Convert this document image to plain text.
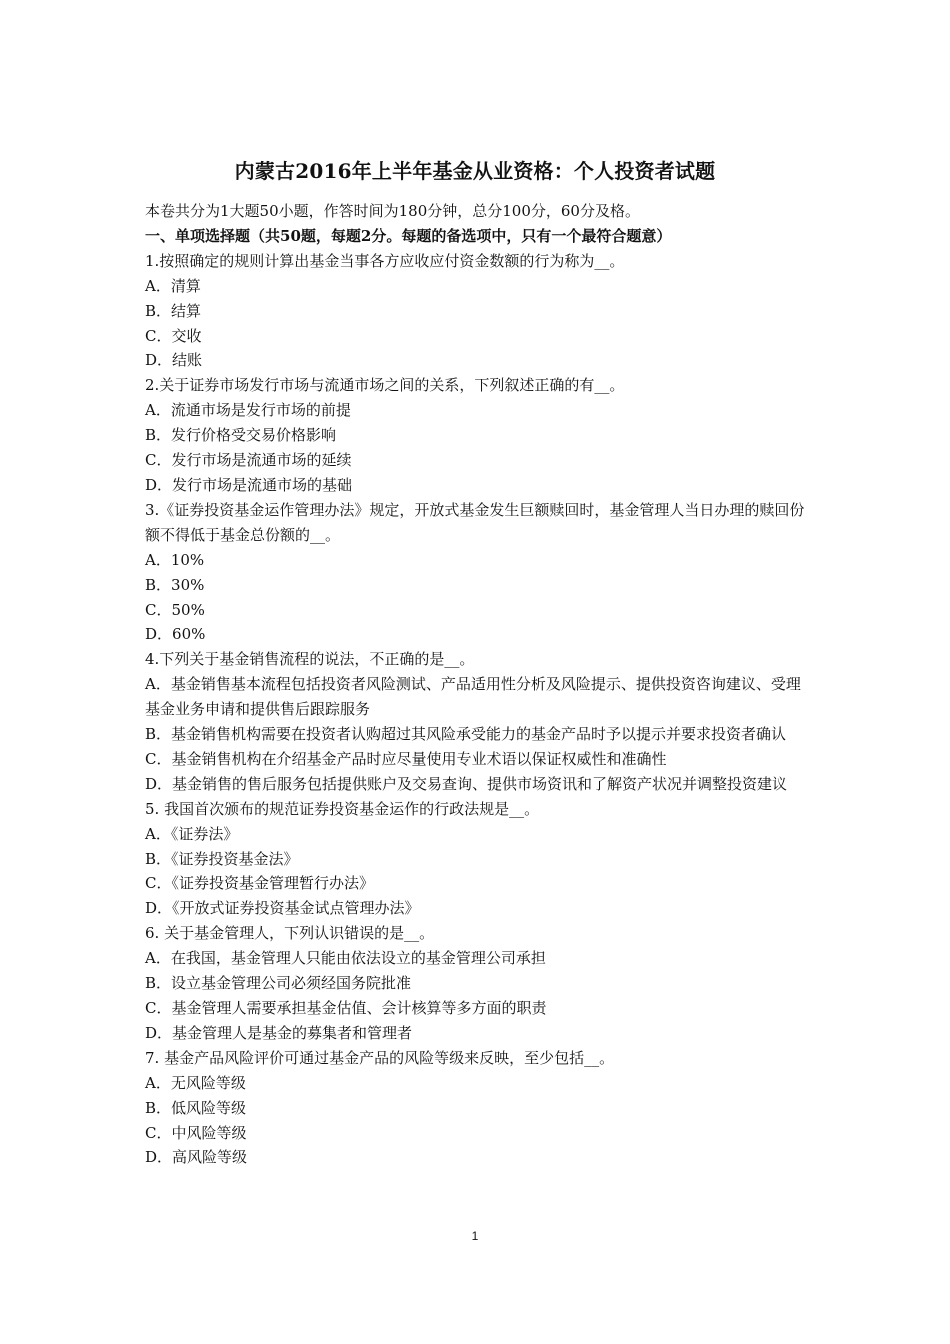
内蒙古2016年上半年基金从业资格：个人投资者试题
本卷共分为1大题50小题，作答时间为180分钟，总分100分，60分及格。
一、单项选择题（共50题，每题2分。每题的备选项中，只有一个最符合题意）
1.按照确定的规则计算出基金当事各方应收应付资金数额的行为称为__。
A．清算
B．结算
C．交收
D．结账
2.关于证券市场发行市场与流通市场之间的关系，下列叙述正确的有__。
A．流通市场是发行市场的前提
B．发行价格受交易价格影响
C．发行市场是流通市场的延续
D．发行市场是流通市场的基础
3.《证券投资基金运作管理办法》规定，开放式基金发生巨额赎回时，基金管理人当日办理的赎回份额不得低于基金总份额的__。
A．10%
B．30%
C．50%
D．60%
4.下列关于基金销售流程的说法，不正确的是__。
A．基金销售基本流程包括投资者风险测试、产品适用性分析及风险提示、提供投资咨询建议、受理基金业务申请和提供售后跟踪服务
B．基金销售机构需要在投资者认购超过其风险承受能力的基金产品时予以提示并要求投资者确认
C．基金销售机构在介绍基金产品时应尽量使用专业术语以保证权威性和准确性
D．基金销售的售后服务包括提供账户及交易查询、提供市场资讯和了解资产状况并调整投资建议
5. 我国首次颁布的规范证券投资基金运作的行政法规是__。
A．《证券法》
B．《证券投资基金法》
C．《证券投资基金管理暂行办法》
D．《开放式证券投资基金试点管理办法》
6. 关于基金管理人，下列认识错误的是__。
A．在我国，基金管理人只能由依法设立的基金管理公司承担
B．设立基金管理公司必须经国务院批准
C．基金管理人需要承担基金估值、会计核算等多方面的职责
D．基金管理人是基金的募集者和管理者
7. 基金产品风险评价可通过基金产品的风险等级来反映，至少包括__。
A．无风险等级
B．低风险等级
C．中风险等级
D．高风险等级
1
